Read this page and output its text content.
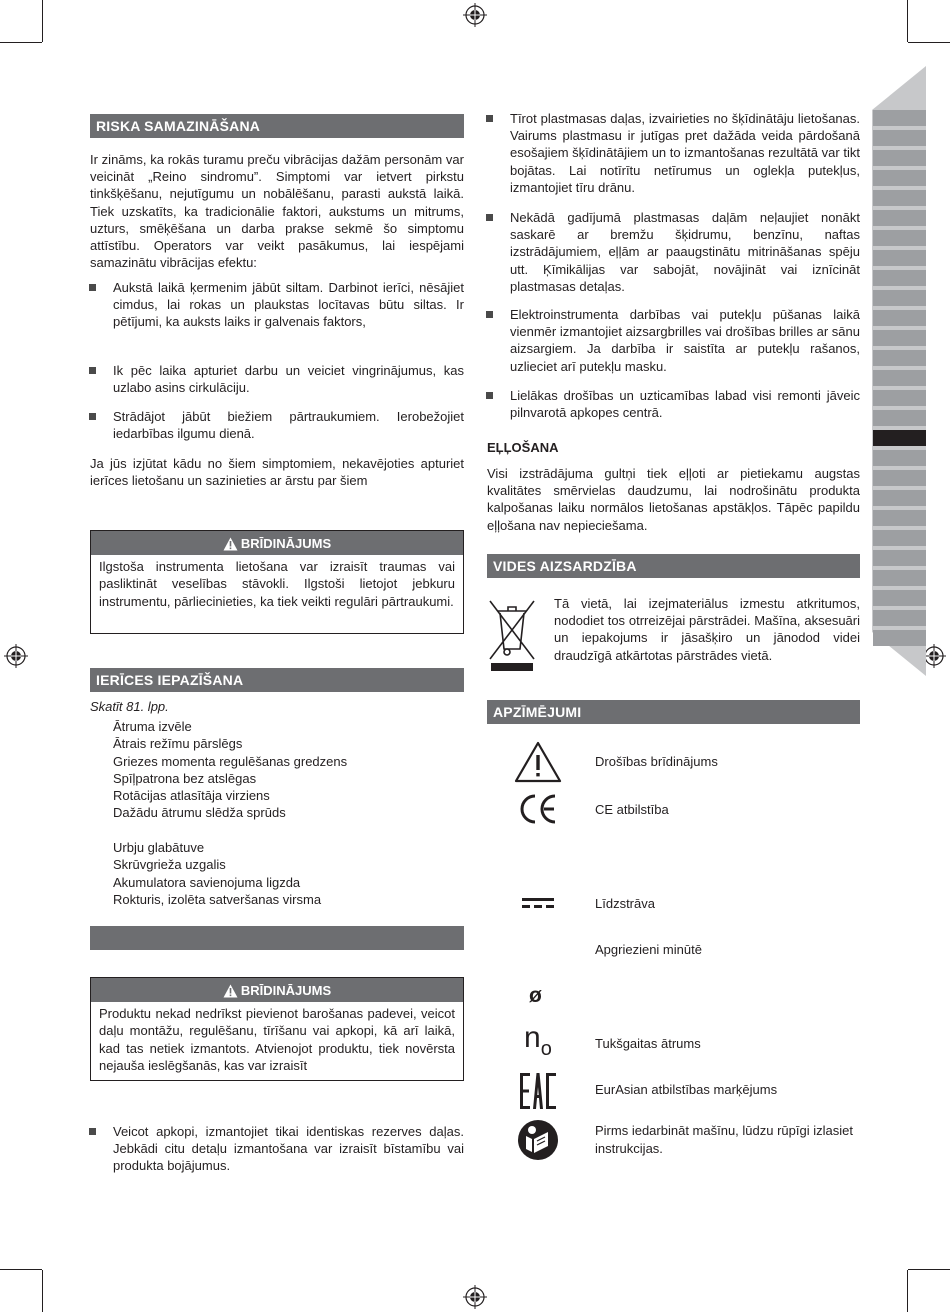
RISKA SAMAZINĀŠANA

Ir zināms, ka rokās turamu preču vibrācijas dažām personām var veicināt „Reino sindromu”. Simptomi var ietvert pirkstu tinkšķēšanu, nejutīgumu un nobālēšanu, parasti aukstā laikā. Tiek uzskatīts, ka tradicionālie faktori, aukstums un mitrums, uzturs, smēķēšana un darba prakse sekmē šo simptomu attīstību. Operators var veikt pasākumus, lai iespējami samazinātu vibrācijas efektu:

Aukstā laikā ķermenim jābūt siltam. Darbinot ierīci, nēsājiet cimdus, lai rokas un plaukstas locītavas būtu siltas. Ir pētījumi, ka auksts laiks ir galvenais faktors,
Ik pēc laika apturiet darbu un veiciet vingrinājumus, kas uzlabo asins cirkulāciju.
Strādājot jābūt biežiem pārtraukumiem. Ierobežojiet iedarbības ilgumu dienā.

Ja jūs izjūtat kādu no šiem simptomiem, nekavējoties apturiet ierīces lietošanu un sazinieties ar ārstu par šiem

BRĪDINĀJUMS
Ilgstoša instrumenta lietošana var izraisīt traumas vai pasliktināt veselības stāvokli. Ilgstoši lietojot jebkuru instrumentu, pārliecinieties, ka tiek veikti regulāri pārtraukumi.
IERĪCES IEPAZĪŠANA
Skatīt 81. lpp.
Ātruma izvēle
Ātrais režīmu pārslēgs
Griezes momenta regulēšanas gredzens
Spīļpatrona bez atslēgas
Rotācijas atlasītāja virziens
Dažādu ātrumu slēdža sprūds
Urbju glabātuve
Skrūvgrieža uzgalis
Akumulatora savienojuma ligzda
Rokturis, izolēta satveršanas virsma
BRĪDINĀJUMS
Produktu nekad nedrīkst pievienot barošanas padevei, veicot daļu montāžu, regulēšanu, tīrīšanu vai apkopi, kā arī laikā, kad tas netiek izmantots. Atvienojot produktu, tiek novērsta nejauša ieslēgšanās, kas var izraisīt
Veicot apkopi, izmantojiet tikai identiskas rezerves daļas. Jebkādi citu detaļu izmantošana var izraisīt bīstamību vai produkta bojājumus.
Tīrot plastmasas daļas, izvairieties no šķīdinātāju lietošanas. Vairums plastmasu ir jutīgas pret dažāda veida pārdošanā esošajiem šķīdinātājiem un to izmantošanas rezultātā var tikt bojātas. Lai notīrītu netīrumus un oglekļa putekļus, izmantojiet tīru drānu.
Nekādā gadījumā plastmasas daļām neļaujiet nonākt saskarē ar bremžu šķidrumu, benzīnu, naftas izstrādājumiem, eļļām ar paaugstinātu mitrināšanas spēju utt. Ķīmikālijas var sabojāt, novājināt vai iznīcināt plastmasas detaļas.
Elektroinstrumenta darbības vai putekļu pūšanas laikā vienmēr izmantojiet aizsargbrilles vai drošības brilles ar sānu aizsargiem. Ja darbība ir saistīta ar putekļu rašanos, uzlieciet arī putekļu masku.
Lielākas drošības un uzticamības labad visi remonti jāveic pilnvarotā apkopes centrā.
EĻĻOŠANA

Visi izstrādājuma gultņi tiek eļļoti ar pietiekamu augstas kvalitātes smērvielas daudzumu, lai nodrošinātu produkta kalpošanas laiku normālos lietošanas apstākļos. Tāpēc papildu eļļošana nav nepieciešama.

VIDES AIZSARDZĪBA

Tā vietā, lai izejmateriālus izmestu atkritumos, nododiet tos otrreizējai pārstrādei. Mašīna, aksesuāri un iepakojums ir jāsašķiro un jānodod videi draudzīgā atkārtotas pārstrādes vietā.

APZĪMĒJUMI
Drošības brīdinājums
CE atbilstība
Līdzstrāva
Apgriezieni minūtē
ø
$n_o$	Tukšgaitas ātrums
EurAsian atbilstības marķējums
Pirms iedarbināt mašīnu, lūdzu rūpīgi izlasiet instrukcijas.
